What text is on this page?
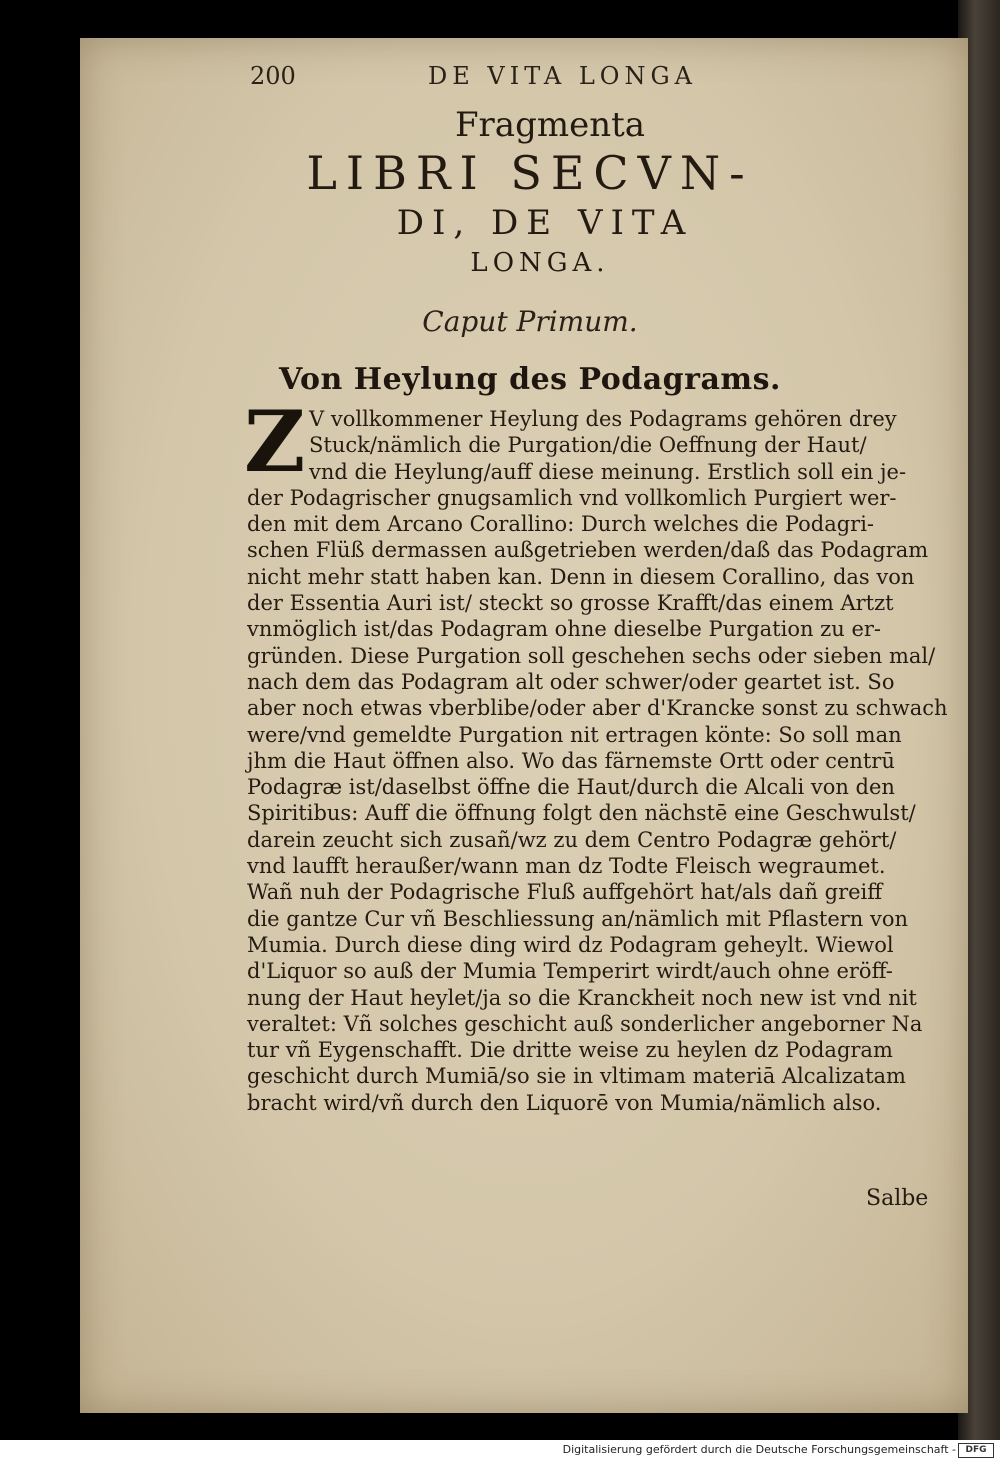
200	DE VITA LONGA
Fragmenta
LIBRI SECVN-
DI, DE VITA
LONGA.
Caput Primum.
Von Heylung des Podagrams.
Z V vollkommener Heylung des Podagrams gehören drey
Stuck/nämlich die Purgation/die Oeffnung der Haut/
vnd die Heylung/auff diese meinung. Erstlich soll ein je-
der Podagrischer gnugsamlich vnd vollkomlich Purgiert wer-
den mit dem Arcano Corallino: Durch welches die Podagri-
schen Flüß dermassen außgetrieben werden/daß das Podagram
nicht mehr statt haben kan. Denn in diesem Corallino, das von
der Essentia Auri ist/ steckt so grosse Krafft/das einem Artzt
vnmöglich ist/das Podagram ohne dieselbe Purgation zu er-
gründen. Diese Purgation soll geschehen sechs oder sieben mal/
nach dem das Podagram alt oder schwer/oder geartet ist. So
aber noch etwas vberblibe/oder aber d'Krancke sonst zu schwach
were/vnd gemeldte Purgation nit ertragen könte: So soll man
jhm die Haut öffnen also. Wo das färnemste Ortt oder centrū
Podagræ ist/daselbst öffne die Haut/durch die Alcali von den
Spiritibus: Auff die öffnung folgt den nächstē eine Geschwulst/
darein zeucht sich zusañ/wz zu dem Centro Podagræ gehört/
vnd laufft heraußer/wann man dz Todte Fleisch wegraumet.
Wañ nuh der Podagrische Fluß auffgehört hat/als dañ greiff
die gantze Cur vñ Beschliessung an/nämlich mit Pflastern von
Mumia. Durch diese ding wird dz Podagram geheylt. Wiewol
d'Liquor so auß der Mumia Temperirt wirdt/auch ohne eröff-
nung der Haut heylet/ja so die Kranckheit noch new ist vnd nit
veraltet: Vñ solches geschicht auß sonderlicher angeborner Na
tur vñ Eygenschafft. Die dritte weise zu heylen dz Podagram
geschicht durch Mumiā/so sie in vltimam materiā Alcalizatam
bracht wird/vñ durch den Liquorē von Mumia/nämlich also.
Salbe
Digitalisierung gefördert durch die Deutsche Forschungsgemeinschaft -	DFG
